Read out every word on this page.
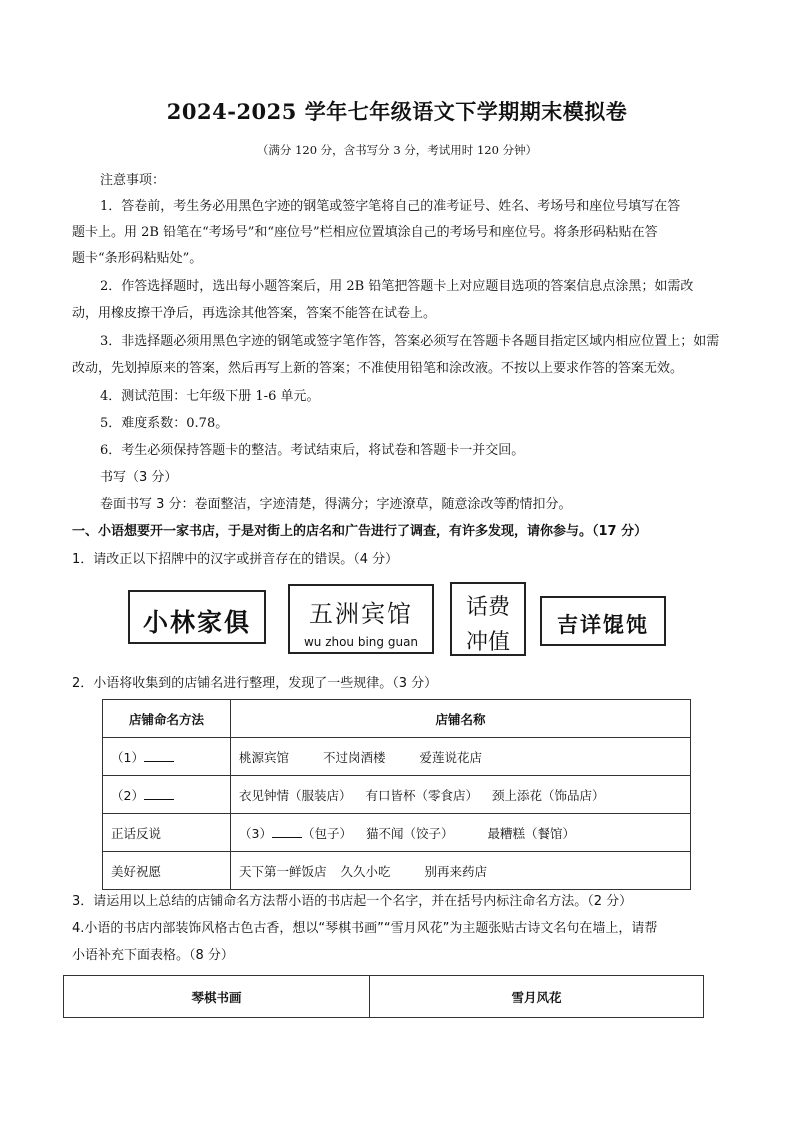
2024-2025 学年七年级语文下学期期末模拟卷
（满分 120 分，含书写分 3 分，考试用时 120 分钟）
注意事项：
1．答卷前，考生务必用黑色字迹的钢笔或签字笔将自己的准考证号、姓名、考场号和座位号填写在答
题卡上。用 2B 铅笔在“考场号”和“座位号”栏相应位置填涂自己的考场号和座位号。将条形码粘贴在答
题卡“条形码粘贴处”。
2．作答选择题时，选出每小题答案后，用 2B 铅笔把答题卡上对应题目选项的答案信息点涂黑；如需改
动，用橡皮擦干净后，再选涂其他答案，答案不能答在试卷上。
3．非选择题必须用黑色字迹的钢笔或签字笔作答，答案必须写在答题卡各题目指定区域内相应位置上；如需
改动，先划掉原来的答案，然后再写上新的答案；不准使用铅笔和涂改液。不按以上要求作答的答案无效。
4．测试范围：七年级下册 1-6 单元。
5．难度系数：0.78。
6．考生必须保持答题卡的整洁。考试结束后，将试卷和答题卡一并交回。
书写（3 分）
卷面书写 3 分：卷面整洁，字迹清楚，得满分；字迹潦草，随意涂改等酌情扣分。
一、小语想要开一家书店，于是对街上的店名和广告进行了调查，有许多发现，请你参与。（17 分）
1．请改正以下招牌中的汉字或拼音存在的错误。（4 分）
小林家俱	五洲宾馆
wu zhou bing guan
话费
冲值
吉详馄饨
2．小语将收集到的店铺名进行整理，发现了一些规律。（3 分）
店铺命名方法	店铺名称
（1）	桃源宾馆 不过岗酒楼 爱莲说花店
（2）	衣见钟情（服装店） 有口皆杯（零食店） 颈上添花（饰品店）
正话反说	（3） （包子） 猫不闻（饺子） 最糟糕（餐馆）
美好祝愿	天下第一鲜饭店 久久小吃 别再来药店
3．请运用以上总结的店铺命名方法帮小语的书店起一个名字，并在括号内标注命名方法。（2 分）
4.小语的书店内部装饰风格古色古香，想以“琴棋书画”“雪月风花”为主题张贴古诗文名句在墙上，请帮
小语补充下面表格。（8 分）
琴棋书画	雪月风花
